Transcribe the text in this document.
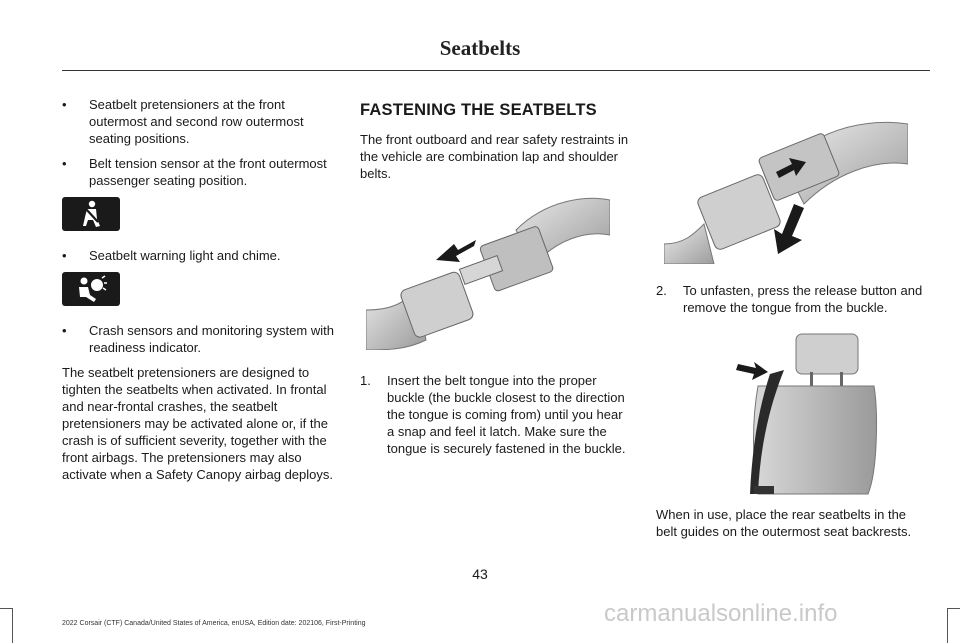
Seatbelts
• Seatbelt pretensioners at the front outermost and second row outermost seating positions.
• Belt tension sensor at the front outermost passenger seating position.
• Seatbelt warning light and chime.
• Crash sensors and monitoring system with readiness indicator.

The seatbelt pretensioners are designed to tighten the seatbelts when activated. In frontal and near-frontal crashes, the seatbelt pretensioners may be activated alone or, if the crash is of sufficient severity, together with the front airbags. The pretensioners may also activate when a Safety Canopy airbag deploys.

FASTENING THE SEATBELTS

The front outboard and rear safety restraints in the vehicle are combination lap and shoulder belts.

1. Insert the belt tongue into the proper buckle (the buckle closest to the direction the tongue is coming from) until you hear a snap and feel it latch. Make sure the tongue is securely fastened in the buckle.

2. To unfasten, press the release button and remove the tongue from the buckle.

When in use, place the rear seatbelts in the belt guides on the outermost seat backrests.

43
2022 Corsair (CTF) Canada/United States of America, enUSA, Edition date: 202106, First-Printing	carmanualsonline.info
